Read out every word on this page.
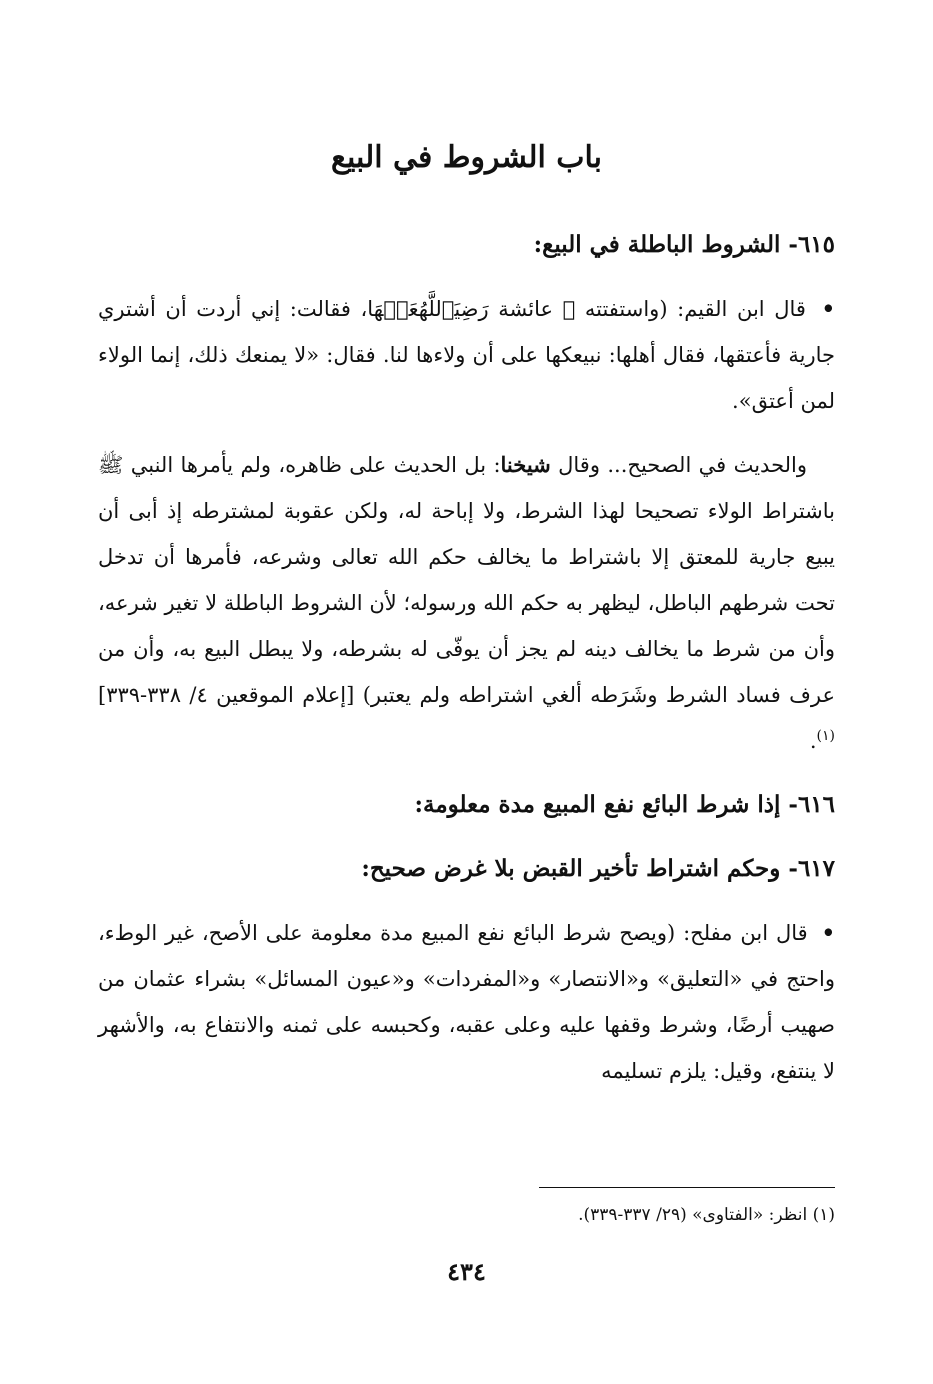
باب الشروط في البيع
٦١٥- الشروط الباطلة في البيع:
• قال ابن القيم: (واستفتته ﷺ عائشة رَضِيَٱللَّهُعَنۡهَا، فقالت: إني أردت أن أشتري جارية فأعتقها، فقال أهلها: نبيعكها على أن ولاءها لنا. فقال: «لا يمنعك ذلك، إنما الولاء لمن أعتق».
والحديث في الصحيح... وقال شيخنا: بل الحديث على ظاهره، ولم يأمرها النبي ﷺ باشتراط الولاء تصحيحا لهذا الشرط، ولا إباحة له، ولكن عقوبة لمشترطه إذ أبى أن يبيع جارية للمعتق إلا باشتراط ما يخالف حكم الله تعالى وشرعه، فأمرها أن تدخل تحت شرطهم الباطل، ليظهر به حكم الله ورسوله؛ لأن الشروط الباطلة لا تغير شرعه، وأن من شرط ما يخالف دينه لم يجز أن يوفّى له بشرطه، ولا يبطل البيع به، وأن من عرف فساد الشرط وشَرَطه ألغي اشتراطه ولم يعتبر) [إعلام الموقعين ٤/ ٣٣٨-٣٣٩]$^{(١)}$.
٦١٦- إذا شرط البائع نفع المبيع مدة معلومة:
٦١٧- وحكم اشتراط تأخير القبض بلا غرض صحيح:
• قال ابن مفلح: (ويصح شرط البائع نفع المبيع مدة معلومة على الأصح، غير الوطء، واحتج في «التعليق» و«الانتصار» و«المفردات» و«عيون المسائل» بشراء عثمان من صهيب أرضًا، وشرط وقفها عليه وعلى عقبه، وكحبسه على ثمنه والانتفاع به، والأشهر لا ينتفع، وقيل: يلزم تسليمه
(١) انظر: «الفتاوى» (٢٩/ ٣٣٧-٣٣٩).
٤٣٤
